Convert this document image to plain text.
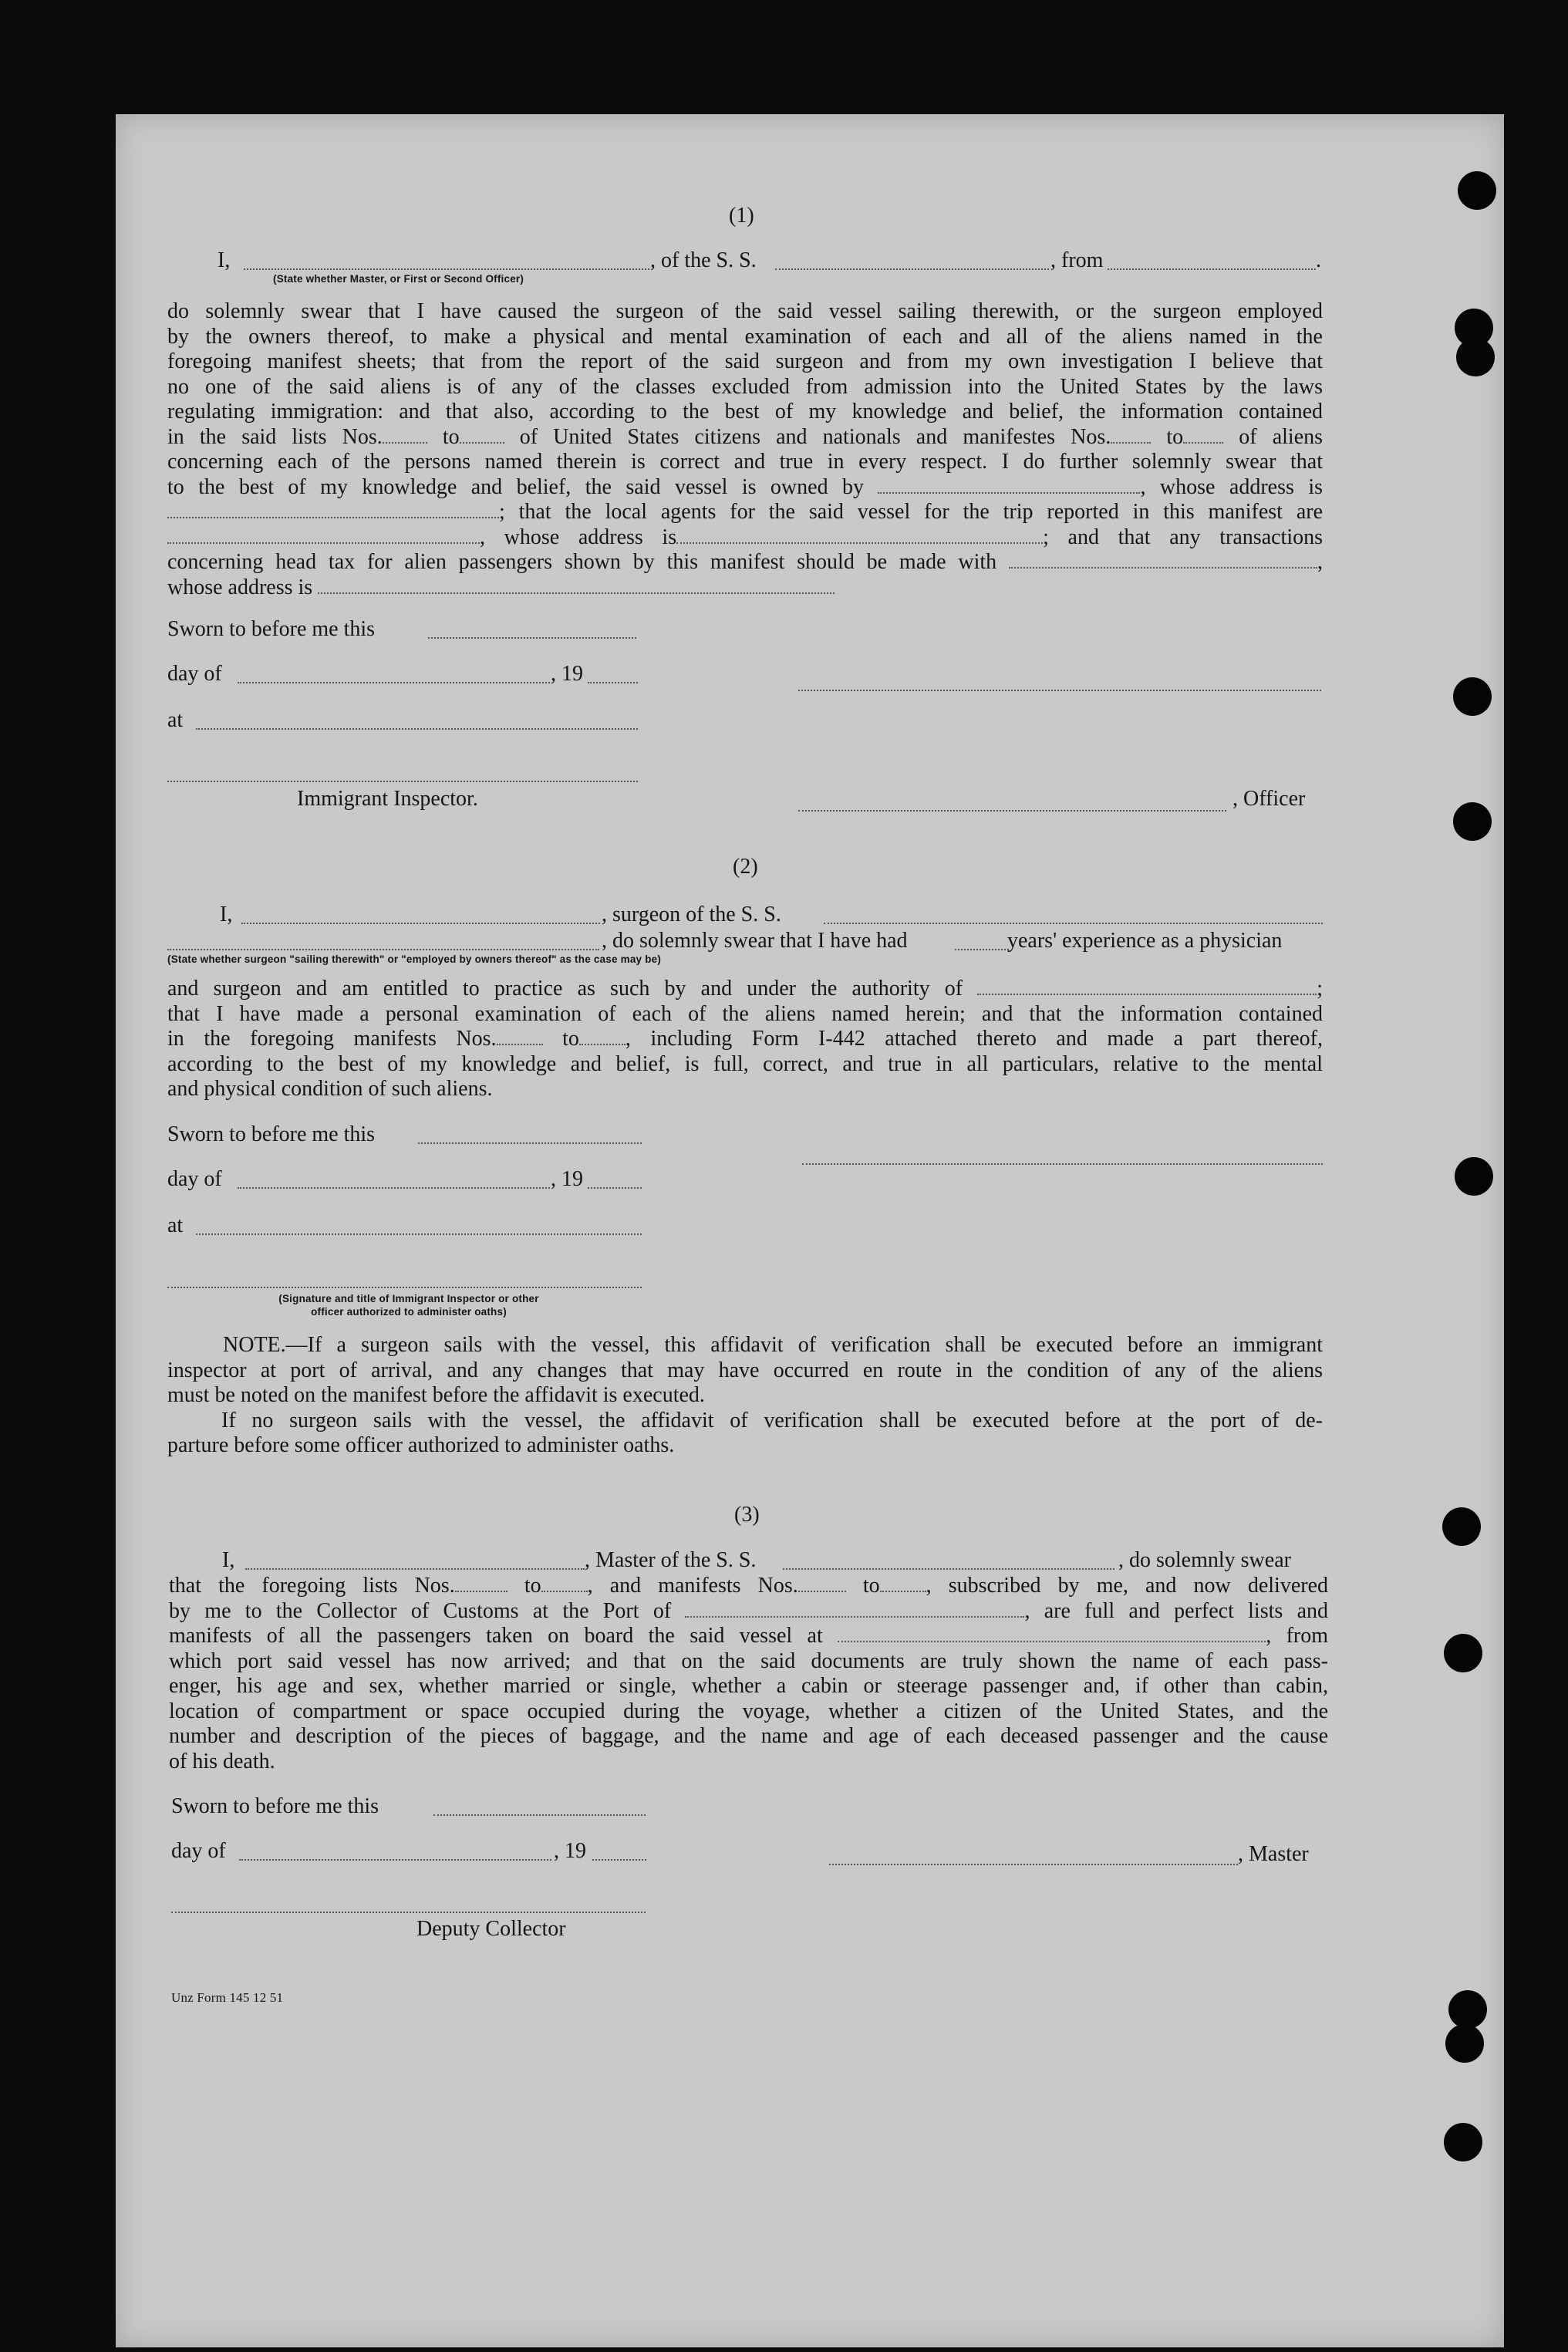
(1)
I,	, of the S. S.	, from	.
(State whether Master, or First or Second Officer)
do solemnly swear that I have caused the surgeon of the said vessel sailing therewith, or the surgeon employed
by the owners thereof, to make a physical and mental examination of each and all of the aliens named in the
foregoing manifest sheets; that from the report of the said surgeon and from my own investigation I believe that
no one of the said aliens is of any of the classes excluded from admission into the United States by the laws
regulating immigration: and that also, according to the best of my knowledge and belief, the information contained
in the said lists Nos.	to	of United States citizens and nationals and manifestes Nos.	to	of aliens
concerning each of the persons named therein is correct and true in every respect. I do further solemnly swear that
to the best of my knowledge and belief, the said vessel is owned by	, whose address is
; that the local agents for the said vessel for the trip reported in this manifest are
, whose address is	; and that any transactions
concerning head tax for alien passengers shown by this manifest should be made with	,
whose address is
Sworn to before me this
day of	, 19
at
Immigrant Inspector.	, Officer
(2)
I,	, surgeon of the S. S.
, do solemnly swear that I have had	years' experience as a physician
(State whether surgeon "sailing therewith" or "employed by owners thereof" as the case may be)
and surgeon and am entitled to practice as such by and under the authority of	;
that I have made a personal examination of each of the aliens named herein; and that the information contained
in the foregoing manifests Nos.	to , including Form I-442 attached thereto and made a part thereof,
according to the best of my knowledge and belief, is full, correct, and true in all particulars, relative to the mental
and physical condition of such aliens.
Sworn to before me this
day of	, 19
at
(Signature and title of Immigrant Inspector or other
officer authorized to administer oaths)
NOTE.—If a surgeon sails with the vessel, this affidavit of verification shall be executed before an immigrant
inspector at port of arrival, and any changes that may have occurred en route in the condition of any of the aliens
must be noted on the manifest before the affidavit is executed.
If no surgeon sails with the vessel, the affidavit of verification shall be executed before at the port of de-
parture before some officer authorized to administer oaths.
(3)
I,	, Master of the S. S.	, do solemnly swear
that the foregoing lists Nos.	to , and manifests Nos.	to , subscribed by me, and now delivered
by me to the Collector of Customs at the Port of	, are full and perfect lists and
manifests of all the passengers taken on board the said vessel at	, from
which port said vessel has now arrived; and that on the said documents are truly shown the name of each pass-
enger, his age and sex, whether married or single, whether a cabin or steerage passenger and, if other than cabin,
location of compartment or space occupied during the voyage, whether a citizen of the United States, and the
number and description of the pieces of baggage, and the name and age of each deceased passenger and the cause
of his death.
Sworn to before me this
day of	, 19	, Master
Deputy Collector
Unz Form 145 12 51
